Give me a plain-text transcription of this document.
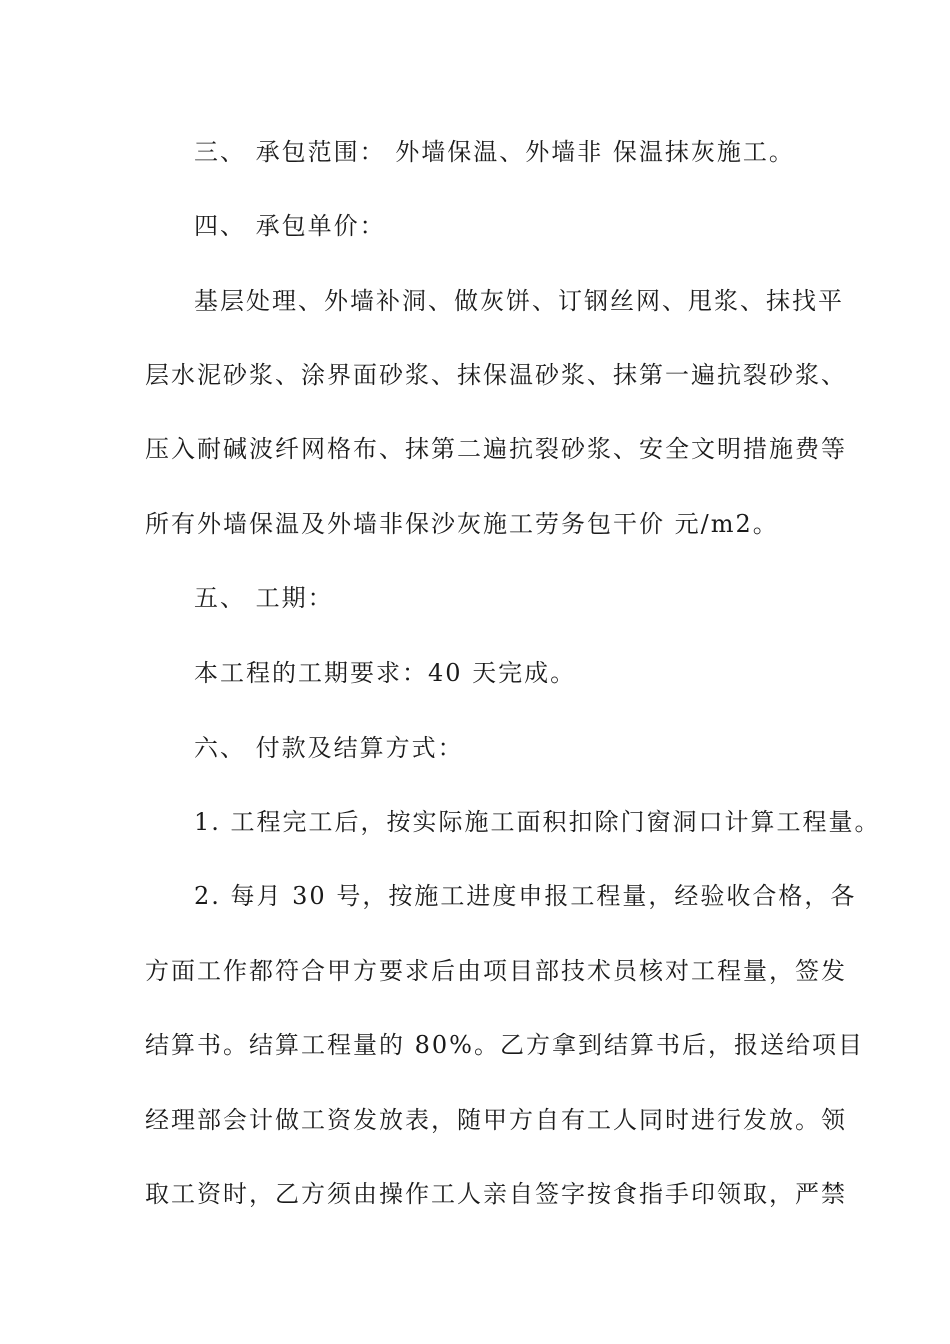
三、 承包范围： 外墙保温、外墙非 保温抹灰施工。
四、 承包单价：
基层处理、外墙补洞、做灰饼、订钢丝网、甩浆、抹找平
层水泥砂浆、涂界面砂浆、抹保温砂浆、抹第一遍抗裂砂浆、
压入耐碱波纤网格布、抹第二遍抗裂砂浆、安全文明措施费等
所有外墙保温及外墙非保沙灰施工劳务包干价 元/m2。
五、 工期：
本工程的工期要求：40 天完成。
六、 付款及结算方式：
1. 工程完工后，按实际施工面积扣除门窗洞口计算工程量。
2. 每月 30 号，按施工进度申报工程量，经验收合格，各
方面工作都符合甲方要求后由项目部技术员核对工程量，签发
结算书。结算工程量的 80%。乙方拿到结算书后，报送给项目
经理部会计做工资发放表，随甲方自有工人同时进行发放。领
取工资时，乙方须由操作工人亲自签字按食指手印领取，严禁
